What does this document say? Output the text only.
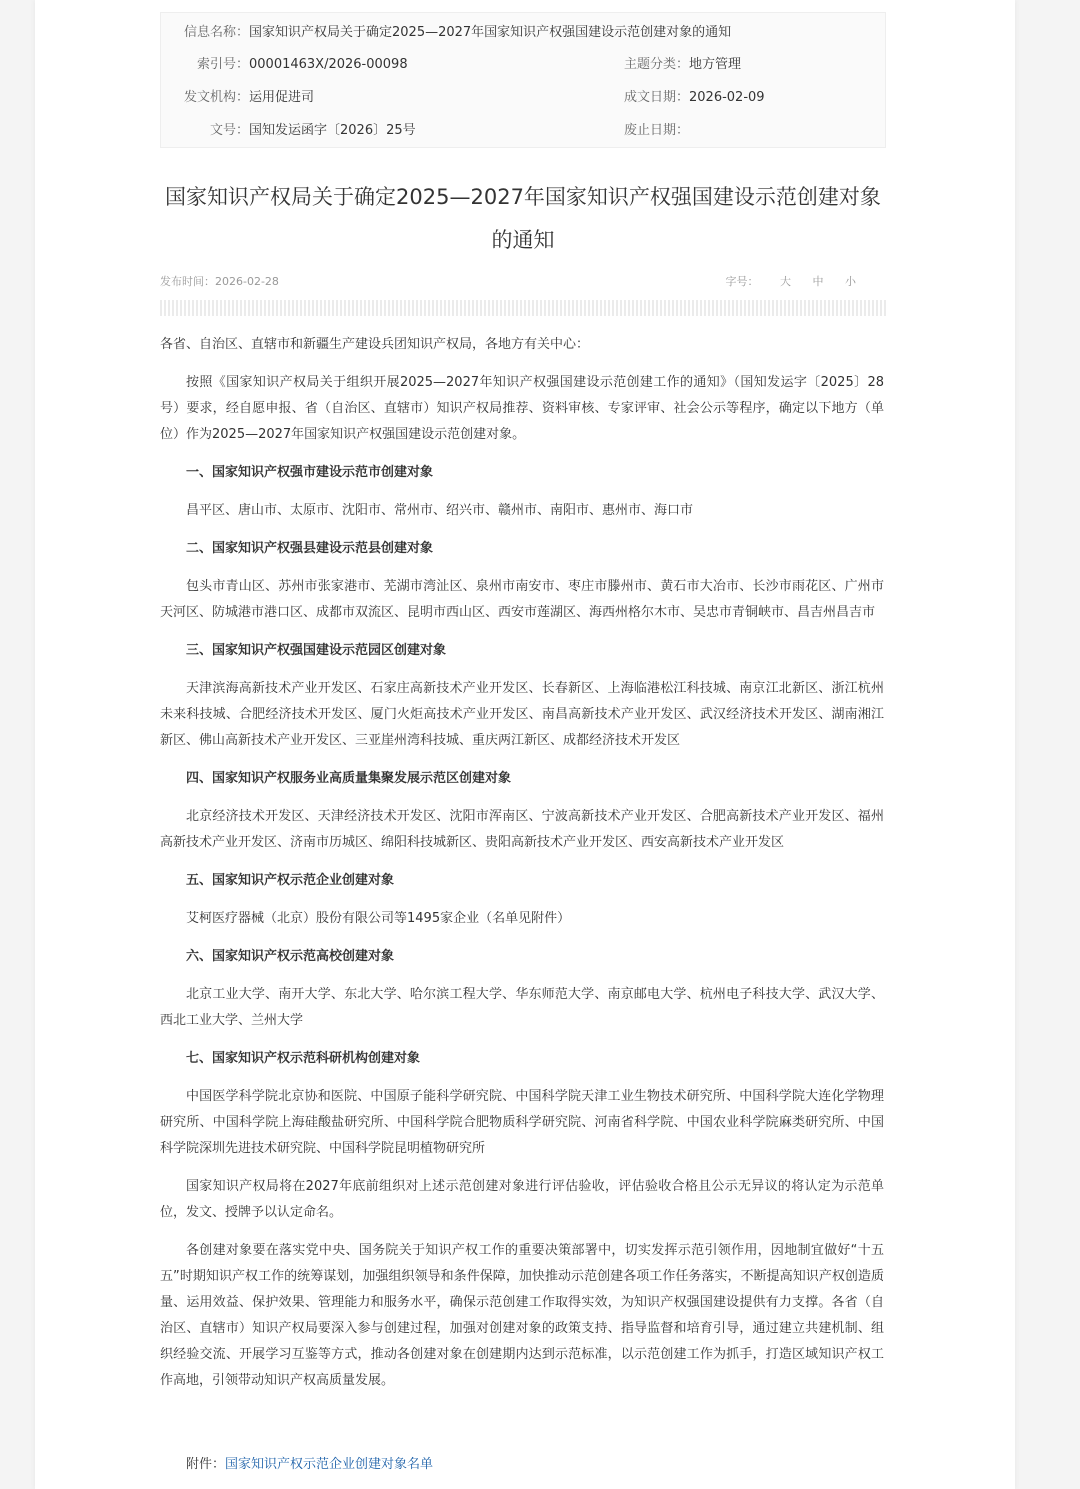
信息名称：国家知识产权局关于确定2025—2027年国家知识产权强国建设示范创建对象的通知
索引号：00001463X/2026-00098	主题分类：地方管理
发文机构：运用促进司	成文日期：2026-02-09
文号：国知发运函字〔2026〕25号	废止日期：
国家知识产权局关于确定2025—2027年国家知识产权强国建设示范创建对象
的通知
发布时间：2026-02-28	字号： 大 中 小

各省、自治区、直辖市和新疆生产建设兵团知识产权局，各地方有关中心：

按照《国家知识产权局关于组织开展2025—2027年知识产权强国建设示范创建工作的通知》（国知发运字〔2025〕28号）要求，经自愿申报、省（自治区、直辖市）知识产权局推荐、资料审核、专家评审、社会公示等程序，确定以下地方（单位）作为2025—2027年国家知识产权强国建设示范创建对象。

一、国家知识产权强市建设示范市创建对象

昌平区、唐山市、太原市、沈阳市、常州市、绍兴市、赣州市、南阳市、惠州市、海口市

二、国家知识产权强县建设示范县创建对象

包头市青山区、苏州市张家港市、芜湖市湾沚区、泉州市南安市、枣庄市滕州市、黄石市大冶市、长沙市雨花区、广州市天河区、防城港市港口区、成都市双流区、昆明市西山区、西安市莲湖区、海西州格尔木市、吴忠市青铜峡市、昌吉州昌吉市

三、国家知识产权强国建设示范园区创建对象

天津滨海高新技术产业开发区、石家庄高新技术产业开发区、长春新区、上海临港松江科技城、南京江北新区、浙江杭州未来科技城、合肥经济技术开发区、厦门火炬高技术产业开发区、南昌高新技术产业开发区、武汉经济技术开发区、湖南湘江新区、佛山高新技术产业开发区、三亚崖州湾科技城、重庆两江新区、成都经济技术开发区

四、国家知识产权服务业高质量集聚发展示范区创建对象

北京经济技术开发区、天津经济技术开发区、沈阳市浑南区、宁波高新技术产业开发区、合肥高新技术产业开发区、福州高新技术产业开发区、济南市历城区、绵阳科技城新区、贵阳高新技术产业开发区、西安高新技术产业开发区

五、国家知识产权示范企业创建对象

艾柯医疗器械（北京）股份有限公司等1495家企业（名单见附件）

六、国家知识产权示范高校创建对象

北京工业大学、南开大学、东北大学、哈尔滨工程大学、华东师范大学、南京邮电大学、杭州电子科技大学、武汉大学、西北工业大学、兰州大学

七、国家知识产权示范科研机构创建对象

中国医学科学院北京协和医院、中国原子能科学研究院、中国科学院天津工业生物技术研究所、中国科学院大连化学物理研究所、中国科学院上海硅酸盐研究所、中国科学院合肥物质科学研究院、河南省科学院、中国农业科学院麻类研究所、中国科学院深圳先进技术研究院、中国科学院昆明植物研究所

国家知识产权局将在2027年底前组织对上述示范创建对象进行评估验收，评估验收合格且公示无异议的将认定为示范单位，发文、授牌予以认定命名。

各创建对象要在落实党中央、国务院关于知识产权工作的重要决策部署中，切实发挥示范引领作用，因地制宜做好“十五五”时期知识产权工作的统筹谋划，加强组织领导和条件保障，加快推动示范创建各项工作任务落实，不断提高知识产权创造质量、运用效益、保护效果、管理能力和服务水平，确保示范创建工作取得实效，为知识产权强国建设提供有力支撑。各省（自治区、直辖市）知识产权局要深入参与创建过程，加强对创建对象的政策支持、指导监督和培育引导，通过建立共建机制、组织经验交流、开展学习互鉴等方式，推动各创建对象在创建期内达到示范标准，以示范创建工作为抓手，打造区域知识产权工作高地，引领带动知识产权高质量发展。

附件：国家知识产权示范企业创建对象名单
